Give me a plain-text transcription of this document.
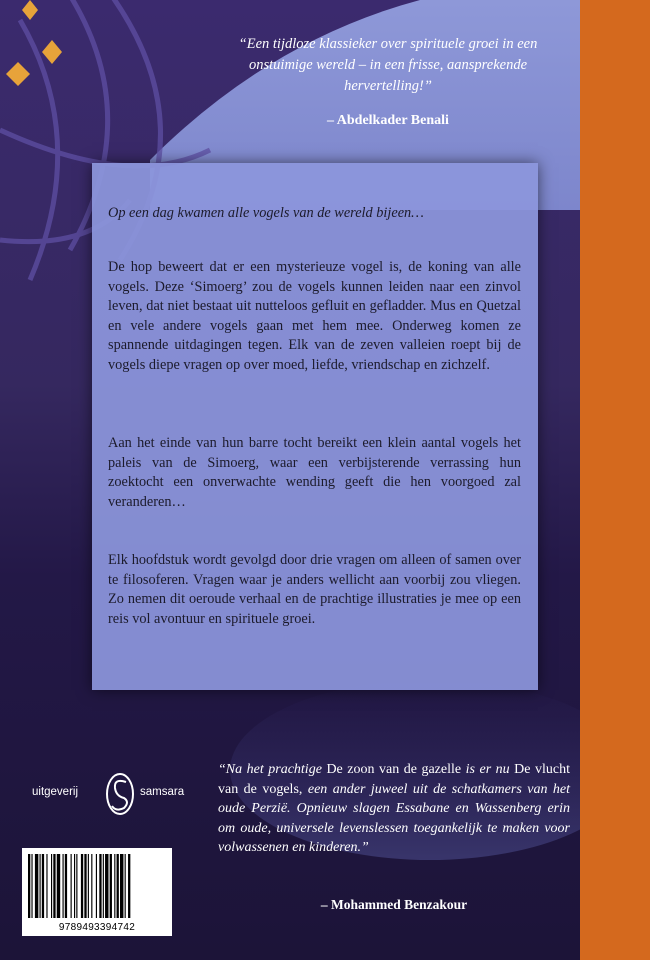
“Een tijdloze klassieker over spirituele groei in een onstuimige wereld – in een frisse, aansprekende hervertelling!”
– Abdelkader Benali
Op een dag kwamen alle vogels van de wereld bijeen…
De hop beweert dat er een mysterieuze vogel is, de koning van alle vogels. Deze ‘Simoerg’ zou de vogels kunnen leiden naar een zinvol leven, dat niet bestaat uit nutteloos gefluit en gefladder. Mus en Quetzal en vele andere vogels gaan met hem mee. Onderweg komen ze spannende uitdagingen tegen. Elk van de zeven valleien roept bij de vogels diepe vragen op over moed, liefde, vriendschap en zichzelf.
Aan het einde van hun barre tocht bereikt een klein aantal vogels het paleis van de Simoerg, waar een verbijsterende verrassing hun zoektocht een onverwachte wending geeft die hen voorgoed zal veranderen…
Elk hoofdstuk wordt gevolgd door drie vragen om alleen of samen over te filosoferen. Vragen waar je anders wellicht aan voorbij zou vliegen. Zo nemen dit oeroude verhaal en de prachtige illustraties je mee op een reis vol avontuur en spirituele groei.
uitgeverij	samsara
9789493394742
“Na het prachtige De zoon van de gazelle is er nu De vlucht van de vogels, een ander juweel uit de schatkamers van het oude Perzië. Opnieuw slagen Essabane en Wassenberg erin om oude, universele levenslessen toegankelijk te maken voor volwassenen en kinderen.”
– Mohammed Benzakour
